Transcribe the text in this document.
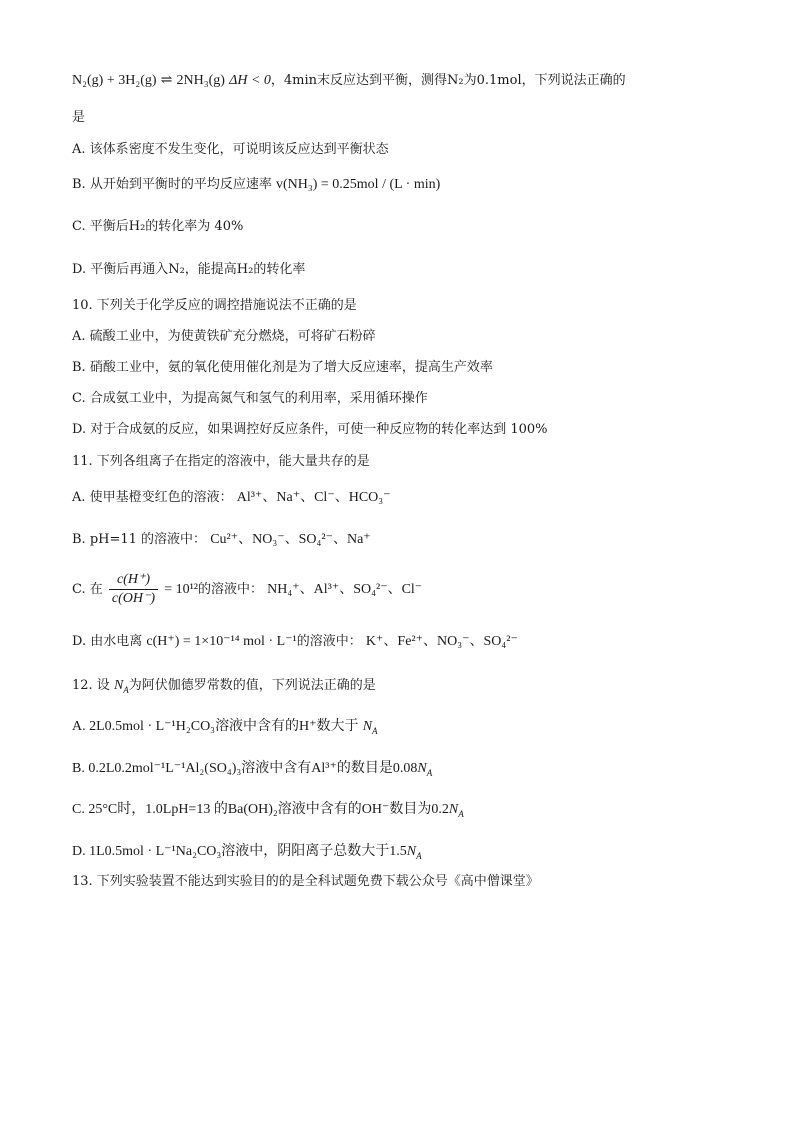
N₂(g) + 3H₂(g) ⇌ 2NH₃(g) ΔH < 0，4min末反应达到平衡，测得N₂为0.1mol，下列说法正确的
是
A. 该体系密度不发生变化，可说明该反应达到平衡状态
B. 从开始到平衡时的平均反应速率 v(NH₃) = 0.25mol / (L · min)
C. 平衡后H₂的转化率为 40%
D. 平衡后再通入N₂，能提高H₂的转化率
10. 下列关于化学反应的调控措施说法不正确的是
A. 硫酸工业中，为使黄铁矿充分燃烧，可将矿石粉碎
B. 硝酸工业中，氨的氧化使用催化剂是为了增大反应速率，提高生产效率
C. 合成氨工业中，为提高氮气和氢气的利用率，采用循环操作
D. 对于合成氨的反应，如果调控好反应条件，可使一种反应物的转化率达到 100%
11. 下列各组离子在指定的溶液中，能大量共存的是
A. 使甲基橙变红色的溶液： Al³⁺、Na⁺、Cl⁻、HCO₃⁻
B. pH=11 的溶液中： Cu²⁺、NO₃⁻、SO₄²⁻、Na⁺
C. 在 $\frac{c(H^+)}{c(OH^-)} = 10^{12}$的溶液中： NH₄⁺、Al³⁺、SO₄²⁻、Cl⁻
D. 由水电离 c(H⁺) = 1×10⁻¹⁴ mol · L⁻¹的溶液中： K⁺、Fe²⁺、NO₃⁻、SO₄²⁻
12. 设 $N_A$为阿伏伽德罗常数的值，下列说法正确的是
A. 2L0.5mol · L⁻¹H₂CO₃溶液中含有的H⁺数大于 $N_A$
B. 0.2L0.2mol⁻¹L⁻¹Al₂(SO₄)₃溶液中含有Al³⁺的数目是$0.08N_A$
C. 25°C时，1.0LpH=13 的Ba(OH)₂溶液中含有的OH⁻数目为$0.2N_A$
D. 1L0.5mol · L⁻¹Na₂CO₃溶液中，阴阳离子总数大于$1.5N_A$
13. 下列实验装置不能达到实验目的的是全科试题免费下载公众号《高中僧课堂》
